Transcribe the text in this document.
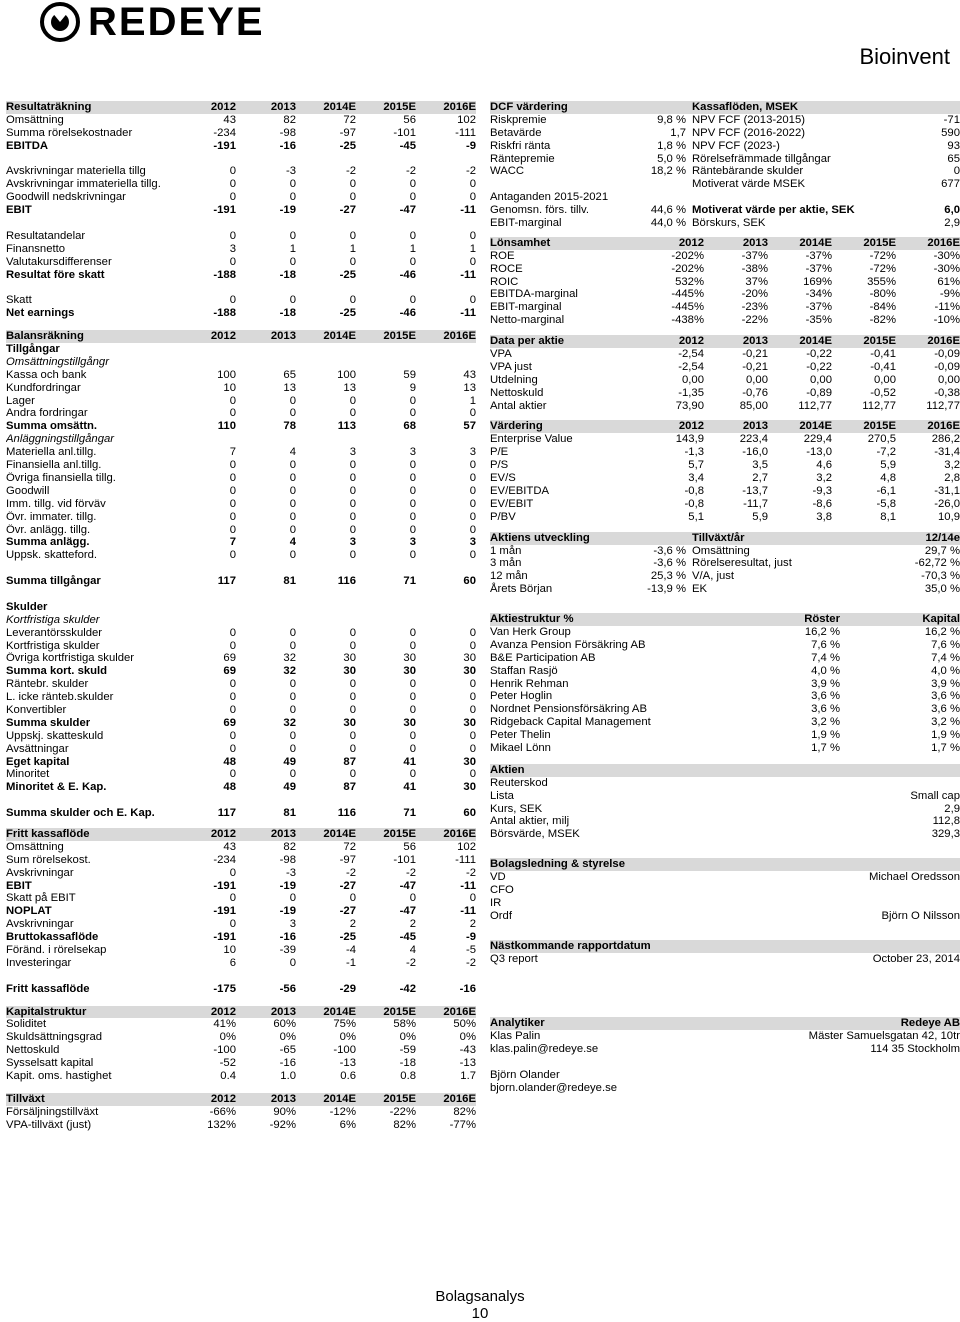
REDEYE
Bioinvent
Resultaträkning	2012	2013	2014E	2015E	2016E
Omsättning	43	82	72	56	102
Summa rörelsekostnader	-234	-98	-97	-101	-111
EBITDA	-191	-16	-25	-45	-9
Avskrivningar materiella tillg	0	-3	-2	-2	-2
Avskrivningar immateriella tillg.	0	0	0	0	0
Goodwill nedskrivningar	0	0	0	0	0
EBIT	-191	-19	-27	-47	-11
Resultatandelar	0	0	0	0	0
Finansnetto	3	1	1	1	1
Valutakursdifferenser	0	0	0	0	0
Resultat före skatt	-188	-18	-25	-46	-11
Skatt	0	0	0	0	0
Net earnings	-188	-18	-25	-46	-11
Balansräkning	2012	2013	2014E	2015E	2016E
Tillgångar
Omsättningstillgångr
Kassa och bank	100	65	100	59	43
Kundfordringar	10	13	13	9	13
Lager	0	0	0	0	1
Andra fordringar	0	0	0	0	0
Summa omsättn.	110	78	113	68	57
Anläggningstillgångar
Materiella anl.tillg.	7	4	3	3	3
Finansiella anl.tillg.	0	0	0	0	0
Övriga finansiella tillg.	0	0	0	0	0
Goodwill	0	0	0	0	0
Imm. tillg. vid förväv	0	0	0	0	0
Övr. immater. tillg.	0	0	0	0	0
Övr. anlägg. tillg.	0	0	0	0	0
Summa anlägg.	7	4	3	3	3
Uppsk. skatteford.	0	0	0	0	0
Summa tillgångar	117	81	116	71	60
Skulder
Kortfristiga skulder
Leverantörsskulder	0	0	0	0	0
Kortfristiga skulder	0	0	0	0	0
Övriga kortfristiga skulder	69	32	30	30	30
Summa kort. skuld	69	32	30	30	30
Räntebr. skulder	0	0	0	0	0
L. icke ränteb.skulder	0	0	0	0	0
Konvertibler	0	0	0	0	0
Summa skulder	69	32	30	30	30
Uppskj. skatteskuld	0	0	0	0	0
Avsättningar	0	0	0	0	0
Eget kapital	48	49	87	41	30
Minoritet	0	0	0	0	0
Minoritet & E. Kap.	48	49	87	41	30
Summa skulder och E. Kap.	117	81	116	71	60
Fritt kassaflöde	2012	2013	2014E	2015E	2016E
Omsättning	43	82	72	56	102
Sum rörelsekost.	-234	-98	-97	-101	-111
Avskrivningar	0	-3	-2	-2	-2
EBIT	-191	-19	-27	-47	-11
Skatt på EBIT	0	0	0	0	0
NOPLAT	-191	-19	-27	-47	-11
Avskrivningar	0	3	2	2	2
Bruttokassaflöde	-191	-16	-25	-45	-9
Föränd. i rörelsekap	10	-39	-4	4	-5
Investeringar	6	0	-1	-2	-2
Fritt kassaflöde	-175	-56	-29	-42	-16
Kapitalstruktur	2012	2013	2014E	2015E	2016E
Soliditet	41%	60%	75%	58%	50%
Skuldsättningsgrad	0%	0%	0%	0%	0%
Nettoskuld	-100	-65	-100	-59	-43
Sysselsatt kapital	-52	-16	-13	-18	-13
Kapit. oms. hastighet	0.4	1.0	0.6	0.8	1.7
Tillväxt	2012	2013	2014E	2015E	2016E
Försäljningstillväxt	-66%	90%	-12%	-22%	82%
VPA-tillväxt (just)	132%	-92%	6%	82%	-77%
DCF värdering	Kassaflöden, MSEK
Riskpremie	9,8 % NPV FCF (2013-2015)	-71
Betavärde	1,7 NPV FCF (2016-2022)	590
Riskfri ränta	1,8 % NPV FCF (2023-)	93
Räntepremie	5,0 % Rörelsefrämmade tillgångar	65
WACC	18,2 % Räntebärande skulder	0
Motiverat värde MSEK	677
Antaganden 2015-2021
Genomsn. förs. tillv.	44,6 % Motiverat värde per aktie, SEK	6,0
EBIT-marginal	44,0 % Börskurs, SEK	2,9
Lönsamhet	2012	2013	2014E	2015E	2016E
ROE	-202%	-37%	-37%	-72%	-30%
ROCE	-202%	-38%	-37%	-72%	-30%
ROIC	532%	37%	169%	355%	61%
EBITDA-marginal	-445%	-20%	-34%	-80%	-9%
EBIT-marginal	-445%	-23%	-37%	-84%	-11%
Netto-marginal	-438%	-22%	-35%	-82%	-10%
Data per aktie	2012	2013	2014E	2015E	2016E
VPA	-2,54	-0,21	-0,22	-0,41	-0,09
VPA just	-2,54	-0,21	-0,22	-0,41	-0,09
Utdelning	0,00	0,00	0,00	0,00	0,00
Nettoskuld	-1,35	-0,76	-0,89	-0,52	-0,38
Antal aktier	73,90	85,00	112,77	112,77	112,77
Värdering	2012	2013	2014E	2015E	2016E
Enterprise Value	143,9	223,4	229,4	270,5	286,2
P/E	-1,3	-16,0	-13,0	-7,2	-31,4
P/S	5,7	3,5	4,6	5,9	3,2
EV/S	3,4	2,7	3,2	4,8	2,8
EV/EBITDA	-0,8	-13,7	-9,3	-6,1	-31,1
EV/EBIT	-0,8	-11,7	-8,6	-5,8	-26,0
P/BV	5,1	5,9	3,8	8,1	10,9
Aktiens utveckling	Tillväxt/år	12/14e
1 mån	-3,6 % Omsättning	29,7 %
3 mån	-3,6 % Rörelseresultat, just	-62,72 %
12 mån	25,3 % V/A, just	-70,3 %
Årets Början	-13,9 % EK	35,0 %
Aktiestruktur %	Röster	Kapital
Van Herk Group	16,2 %	16,2 %
Avanza Pension Försäkring AB	7,6 %	7,6 %
B&E Participation AB	7,4 %	7,4 %
Staffan Rasjö	4,0 %	4,0 %
Henrik Rehman	3,9 %	3,9 %
Peter Hoglin	3,6 %	3,6 %
Nordnet Pensionsförsäkring AB	3,6 %	3,6 %
Ridgeback Capital Management	3,2 %	3,2 %
Peter Thelin	1,9 %	1,9 %
Mikael Lönn	1,7 %	1,7 %
Aktien
Reuterskod
Lista	Small cap
Kurs, SEK	2,9
Antal aktier, milj	112,8
Börsvärde, MSEK	329,3
Bolagsledning & styrelse
VD	Michael Oredsson
CFO
IR
Ordf	Björn O Nilsson
Nästkommande rapportdatum
Q3 report	October 23, 2014
Analytiker	Redeye AB
Klas Palin	Mäster Samuelsgatan 42, 10tr
klas.palin@redeye.se	114 35 Stockholm
Björn Olander
bjorn.olander@redeye.se
Bolagsanalys
10
